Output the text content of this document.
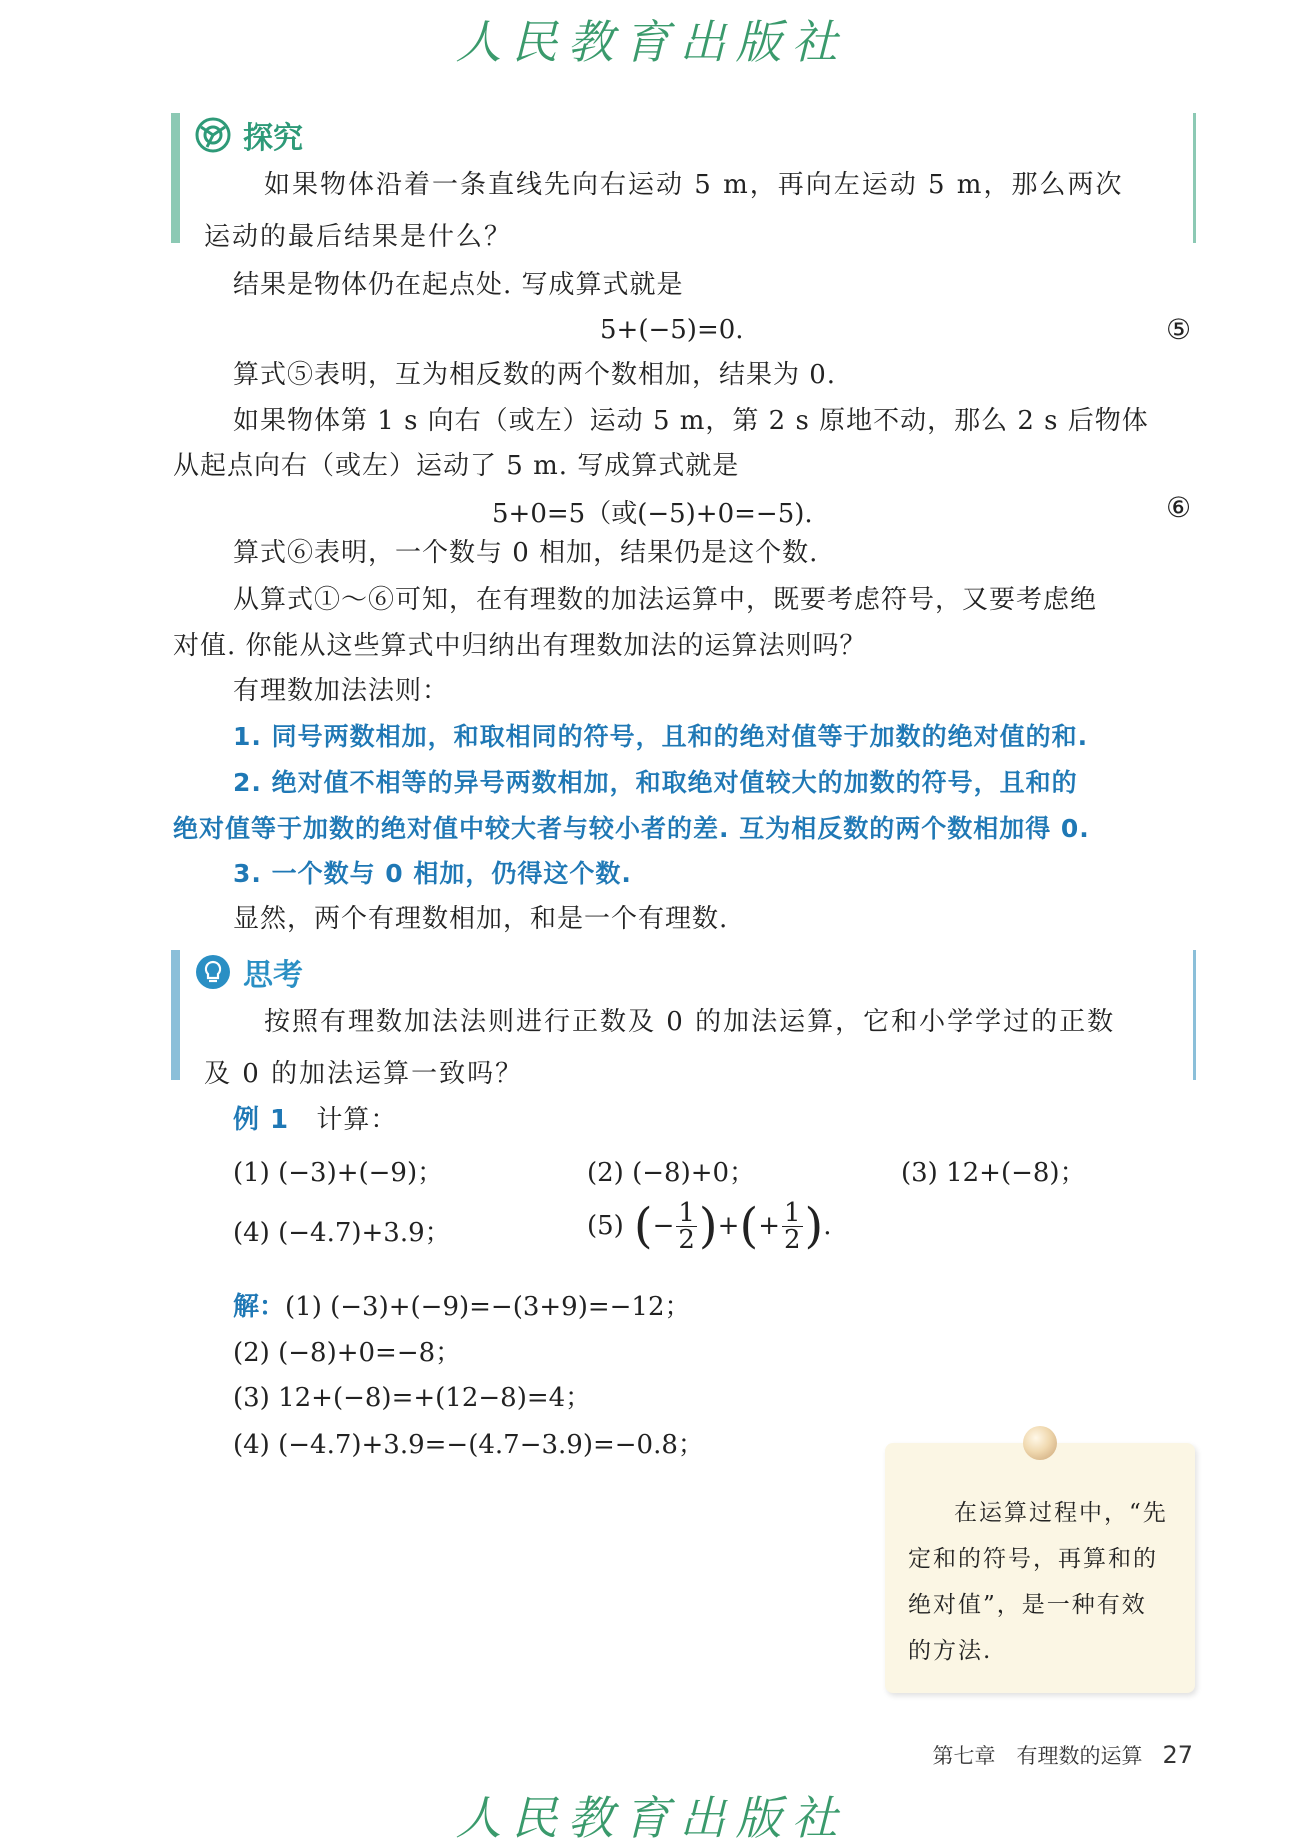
人民教育出版社
探究
如果物体沿着一条直线先向右运动 5 m，再向左运动 5 m，那么两次
运动的最后结果是什么？
结果是物体仍在起点处. 写成算式就是
5+(−5)=0.	⑤
算式⑤表明，互为相反数的两个数相加，结果为 0.
如果物体第 1 s 向右（或左）运动 5 m，第 2 s 原地不动，那么 2 s 后物体
从起点向右（或左）运动了 5 m. 写成算式就是
5+0=5（或(−5)+0=−5).	⑥
算式⑥表明，一个数与 0 相加，结果仍是这个数.
从算式①～⑥可知，在有理数的加法运算中，既要考虑符号，又要考虑绝
对值. 你能从这些算式中归纳出有理数加法的运算法则吗？
有理数加法法则：
1. 同号两数相加，和取相同的符号，且和的绝对值等于加数的绝对值的和.
2. 绝对值不相等的异号两数相加，和取绝对值较大的加数的符号，且和的
绝对值等于加数的绝对值中较大者与较小者的差. 互为相反数的两个数相加得 0.
3. 一个数与 0 相加，仍得这个数.
显然，两个有理数相加，和是一个有理数.
思考
按照有理数加法法则进行正数及 0 的加法运算，它和小学学过的正数
及 0 的加法运算一致吗？
例 1 计算：
(1) (−3)+(−9)；	(2) (−8)+0；	(3) 12+(−8)；
(4) (−4.7)+3.9；	(5) ( − $\frac{1}{2}$ ) + ( + $\frac{1}{2}$ ) .
解：(1) (−3)+(−9)=−(3+9)=−12；
(2) (−8)+0=−8；
(3) 12+(−8)=+(12−8)=4；
(4) (−4.7)+3.9=−(4.7−3.9)=−0.8；
在运算过程中，“先
定和的符号，再算和的
绝对值”，是一种有效
的方法.
第七章　有理数的运算 27
人民教育出版社
